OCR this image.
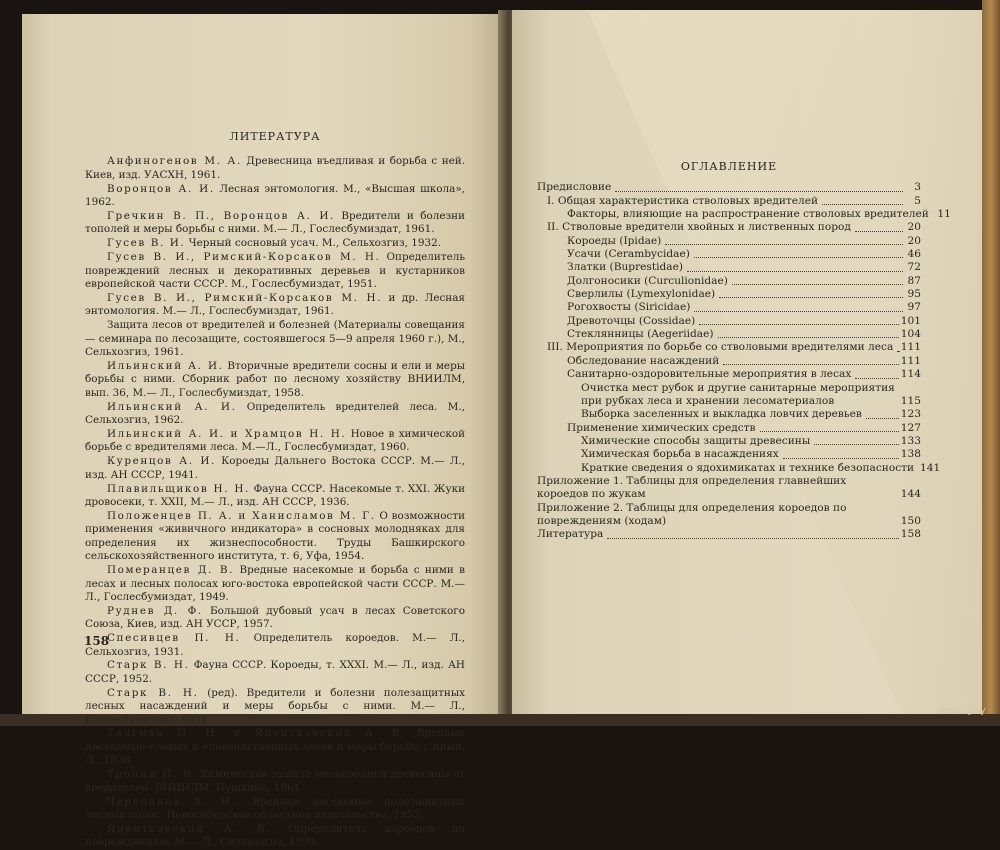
ЛИТЕРАТУРА
Анфиногенов М. А. Древесница въедливая и борьба с ней. Киев, изд. УАСХН, 1961.
Воронцов А. И. Лесная энтомология. М., «Высшая школа», 1962.
Гречкин В. П., Воронцов А. И. Вредители и болезни тополей и меры борьбы с ними. М.— Л., Гослесбумиздат, 1961.
Гусев В. И. Черный сосновый усач. М., Сельхозгиз, 1932.
Гусев В. И., Римский-Корсаков М. Н. Определитель повреждений лесных и декоративных деревьев и кустарников европейской части СССР. М., Гослесбумиздат, 1951.
Гусев В. И., Римский-Корсаков М. Н. и др. Лесная энтомология. М.— Л., Гослесбумиздат, 1961.
Защита лесов от вредителей и болезней (Материалы совещания — семинара по лесозащите, состоявшегося 5—9 апреля 1960 г.), М., Сельхозгиз, 1961.
Ильинский А. И. Вторичные вредители сосны и ели и меры борьбы с ними. Сборник работ по лесному хозяйству ВНИИЛМ, вып. 36, М.— Л., Гослесбумиздат, 1958.
Ильинский А. И. Определитель вредителей леса. М., Сельхозгиз, 1962.
Ильинский А. И. и Храмцов Н. Н. Новое в химической борьбе с вредителями леса. М.—Л., Гослесбумиздат, 1960.
Куренцов А. И. Короеды Дальнего Востока СССР. М.— Л., изд. АН СССР, 1941.
Плавильщиков Н. Н. Фауна СССР. Насекомые т. XXI. Жуки дровосеки, т. XXII, М.— Л., изд. АН СССР, 1936.
Положенцев П. А. и Ханисламов М. Г. О возможности применения «живичного индикатора» в сосновых молодняках для определения их жизнеспособности. Труды Башкирского сельскохозяйственного института, т. 6, Уфа, 1954.
Померанцев Д. В. Вредные насекомые и борьба с ними в лесах и лесных полосах юго-востока европейской части СССР. М.— Л., Гослесбумиздат, 1949.
Руднев Д. Ф. Большой дубовый усач в лесах Советского Союза, Киев, изд. АН УССР, 1957.
Спесивцев П. Н. Определитель короедов. М.— Л., Сельхозгиз, 1931.
Старк В. Н. Фауна СССР. Короеды, т. XXXI. М.— Л., изд. АН СССР, 1952.
Старк В. Н. (ред). Вредители и болезни полезащитных лесных насаждений и меры борьбы с ними. М.— Л., Гослесбумиздат, 1951.
Тальман П. Н. и Яцентковский А. В. Вредные насекомые еловых и еловолиственных лесов и меры борьбы с ними. Л., 1938.
Тропин И. В. Химическая защита неокоренной древесины от вредителей. ВНИИЛМ, Пушкино, 1961.
Черепанов А. И., Вредные насекомые полезащитных лесных полос. Новосибирское областное издательство, 1952.
Яцентковский А. В. Определитель короедов по повреждениям. М.— Л., Сельхозгиз, 1930.
158
ОГЛАВЛЕНИЕ
Предисловие	3
I. Общая характеристика стволовых вредителей	5
Факторы, влияющие на распространение стволовых вредителей 11
II. Стволовые вредители хвойных и лиственных пород	20
Короеды (Ipidae)	20
Усачи (Cerambycidae)	46
Златки (Buprestidae)	72
Долгоносики (Curculionidae)	87
Сверлилы (Lymexylonidae)	95
Рогохвосты (Siricidae)	97
Древоточцы (Cossidae)	101
Стеклянницы (Aegeriidae)	104
III. Мероприятия по борьбе со стволовыми вредителями леса 111
Обследование насаждений	111
Санитарно-оздоровительные мероприятия в лесах	114
Очистка мест рубок и другие санитарные мероприятия при рубках леса и хранении лесоматериалов	115
Выборка заселенных и выкладка ловчих деревьев	123
Применение химических средств	127
Химические способы защиты древесины	133
Химическая борьба в насаждениях	138
Краткие сведения о ядохимикатах и технике безопасности 141
Приложение 1. Таблицы для определения главнейших короедов по жукам	144
Приложение 2. Таблицы для определения короедов по повреждениям (ходам)	150
Литература	158
www.ay.by
